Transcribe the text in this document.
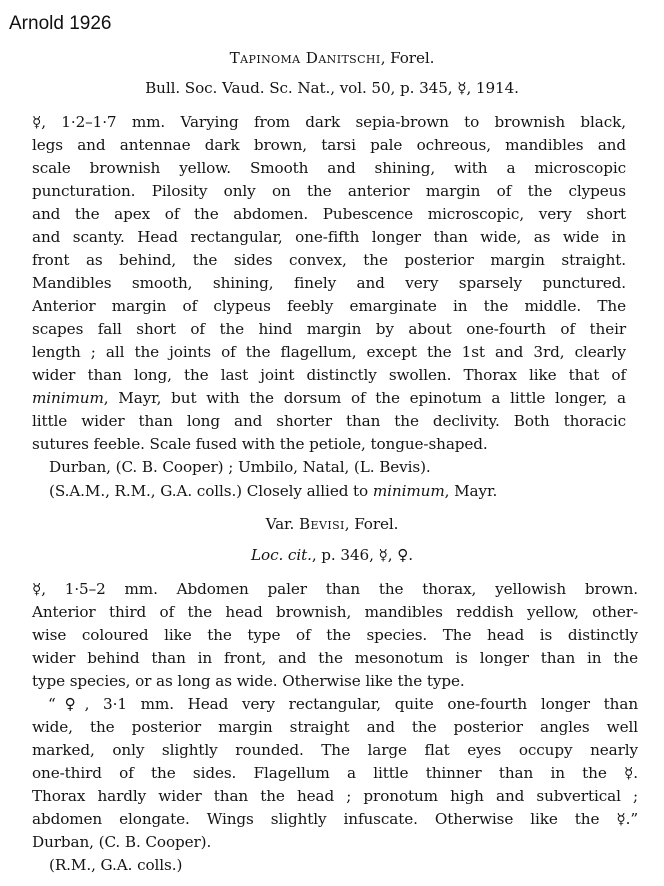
Arnold 1926
Tapinoma Danitschi, Forel.
Bull. Soc. Vaud. Sc. Nat., vol. 50, p. 345, ☿, 1914.
☿, 1·2–1·7 mm. Varying from dark sepia-brown to brownish black,
legs and antennae dark brown, tarsi pale ochreous, mandibles and
scale brownish yellow. Smooth and shining, with a microscopic
puncturation. Pilosity only on the anterior margin of the clypeus
and the apex of the abdomen. Pubescence microscopic, very short
and scanty. Head rectangular, one-fifth longer than wide, as wide in
front as behind, the sides convex, the posterior margin straight.
Mandibles smooth, shining, finely and very sparsely punctured.
Anterior margin of clypeus feebly emarginate in the middle. The
scapes fall short of the hind margin by about one-fourth of their
length ; all the joints of the flagellum, except the 1st and 3rd, clearly
wider than long, the last joint distinctly swollen. Thorax like that of
minimum, Mayr, but with the dorsum of the epinotum a little longer, a
little wider than long and shorter than the declivity. Both thoracic
sutures feeble. Scale fused with the petiole, tongue-shaped.
Durban, (C. B. Cooper) ; Umbilo, Natal, (L. Bevis).
(S.A.M., R.M., G.A. colls.) Closely allied to minimum, Mayr.
Var. Bevisi, Forel.
Loc. cit., p. 346, ☿, ♀.
☿, 1·5–2 mm. Abdomen paler than the thorax, yellowish brown.
Anterior third of the head brownish, mandibles reddish yellow, other-
wise coloured like the type of the species. The head is distinctly
wider behind than in front, and the mesonotum is longer than in the
type species, or as long as wide. Otherwise like the type.
“♀, 3·1 mm. Head very rectangular, quite one-fourth longer than
wide, the posterior margin straight and the posterior angles well
marked, only slightly rounded. The large flat eyes occupy nearly
one-third of the sides. Flagellum a little thinner than in the ☿.
Thorax hardly wider than the head ; pronotum high and subvertical ;
abdomen elongate. Wings slightly infuscate. Otherwise like the ☿.”
Durban, (C. B. Cooper).
(R.M., G.A. colls.)
